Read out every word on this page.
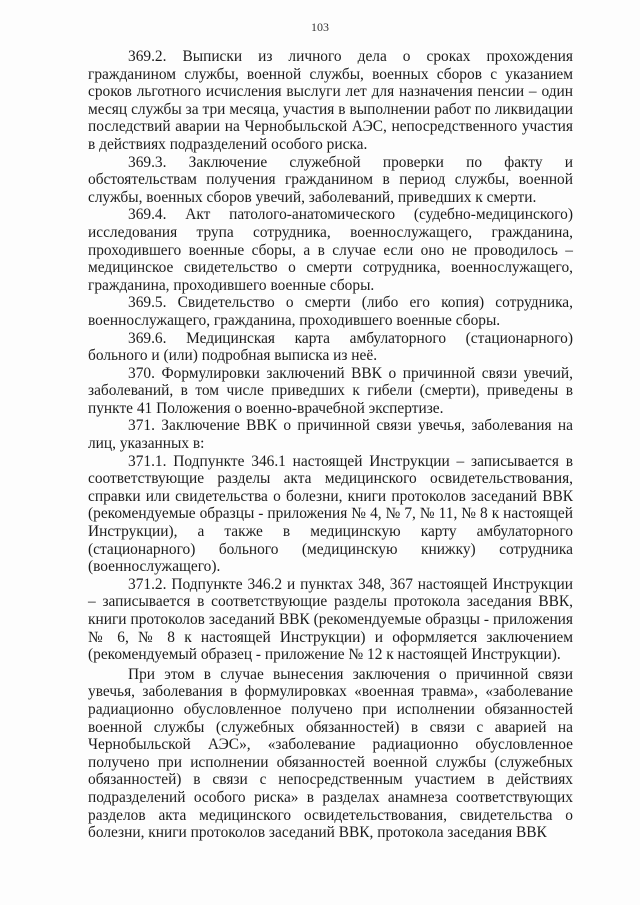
103

369.2. Выписки из личного дела о сроках прохождения гражданином службы, военной службы, военных сборов с указанием сроков льготного исчисления выслуги лет для назначения пенсии – один месяц службы за три месяца, участия в выполнении работ по ликвидации последствий аварии на Чернобыльской АЭС, непосредственного участия в действиях подразделений особого риска.

369.3. Заключение служебной проверки по факту и обстоятельствам получения гражданином в период службы, военной службы, военных сборов увечий, заболеваний, приведших к смерти.

369.4. Акт патолого-анатомического (судебно-медицинского) исследования трупа сотрудника, военнослужащего, гражданина, проходившего военные сборы, а в случае если оно не проводилось – медицинское свидетельство о смерти сотрудника, военнослужащего, гражданина, проходившего военные сборы.

369.5. Свидетельство о смерти (либо его копия) сотрудника, военнослужащего, гражданина, проходившего военные сборы.

369.6. Медицинская карта амбулаторного (стационарного) больного и (или) подробная выписка из неё.

370. Формулировки заключений ВВК о причинной связи увечий, заболеваний, в том числе приведших к гибели (смерти), приведены в пункте 41 Положения о военно-врачебной экспертизе.

371. Заключение ВВК о причинной связи увечья, заболевания на лиц, указанных в:

371.1. Подпункте 346.1 настоящей Инструкции – записывается в соответствующие разделы акта медицинского освидетельствования, справки или свидетельства о болезни, книги протоколов заседаний ВВК (рекомендуемые образцы - приложения № 4, № 7, № 11, № 8 к настоящей Инструкции), а также в медицинскую карту амбулаторного (стационарного) больного (медицинскую книжку) сотрудника (военнослужащего).

371.2. Подпункте 346.2 и пунктах 348, 367 настоящей Инструкции – записывается в соответствующие разделы протокола заседания ВВК, книги протоколов заседаний ВВК (рекомендуемые образцы - приложения № 6, № 8 к настоящей Инструкции) и оформляется заключением (рекомендуемый образец - приложение № 12 к настоящей Инструкции).

При этом в случае вынесения заключения о причинной связи увечья, заболевания в формулировках «военная травма», «заболевание радиационно обусловленное получено при исполнении обязанностей военной службы (служебных обязанностей) в связи с аварией на Чернобыльской АЭС», «заболевание радиационно обусловленное получено при исполнении обязанностей военной службы (служебных обязанностей) в связи с непосредственным участием в действиях подразделений особого риска» в разделах анамнеза соответствующих разделов акта медицинского освидетельствования, свидетельства о болезни, книги протоколов заседаний ВВК, протокола заседания ВВК
